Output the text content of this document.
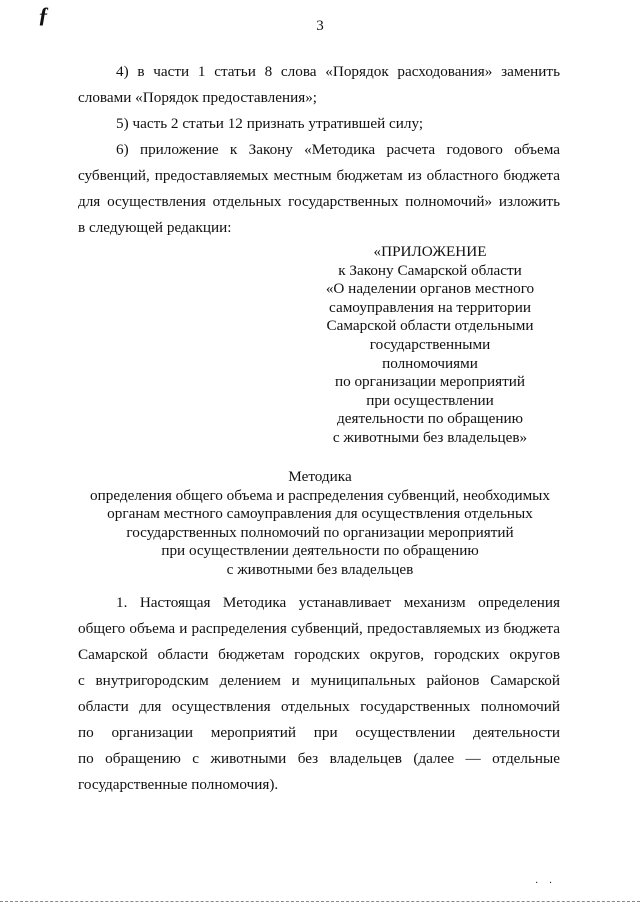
ƒ	3
4) в части 1 статьи 8 слова «Порядок расходования» заменить
словами «Порядок предоставления»;
5) часть 2 статьи 12 признать утратившей силу;
6) приложение к Закону «Методика расчета годового объема
субвенций, предоставляемых местным бюджетам из областного бюджета
для осуществления отдельных государственных полномочий» изложить
в следующей редакции:
«ПРИЛОЖЕНИЕ
к Закону Самарской области
«О наделении органов местного
самоуправления на территории
Самарской области отдельными
государственными
полномочиями
по организации мероприятий
при осуществлении
деятельности по обращению
с животными без владельцев»
Методика
определения общего объема и распределения субвенций, необходимых
органам местного самоуправления для осуществления отдельных
государственных полномочий по организации мероприятий
при осуществлении деятельности по обращению
с животными без владельцев
1. Настоящая Методика устанавливает механизм определения
общего объема и распределения субвенций, предоставляемых из бюджета
Самарской области бюджетам городских округов, городских округов
с внутригородским делением и муниципальных районов Самарской
области для осуществления отдельных государственных полномочий
по организации мероприятий при осуществлении деятельности
по обращению с животными без владельцев (далее — отдельные
государственные полномочия).
· ·
